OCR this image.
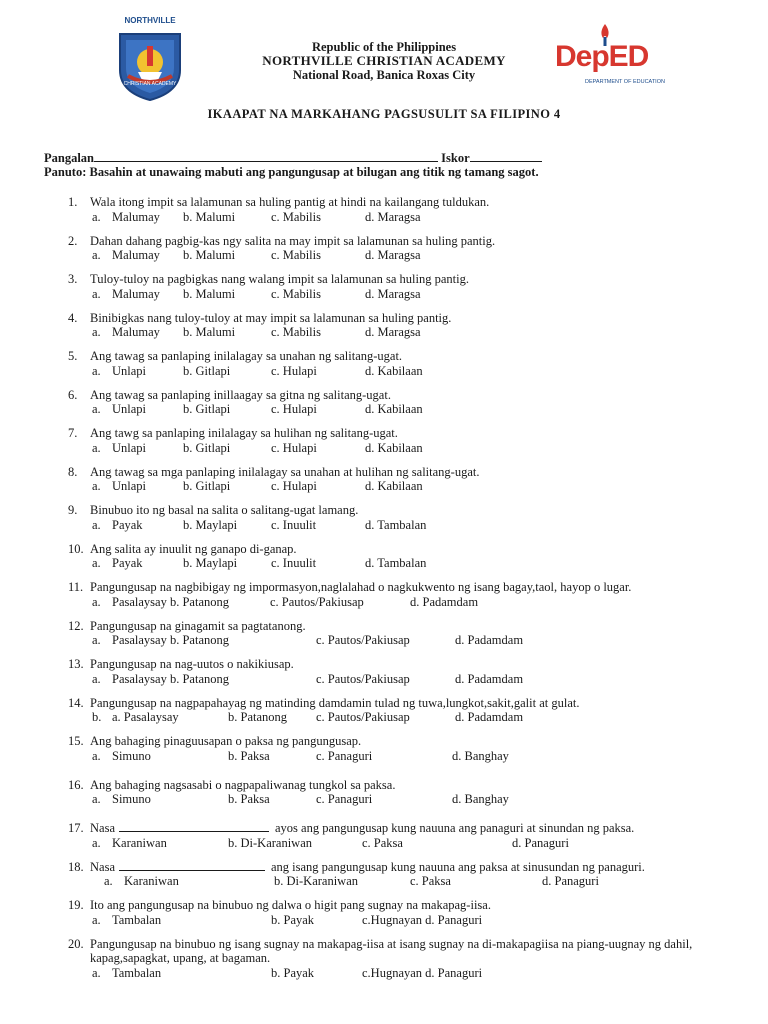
NORTHVILLE
CHRISTIAN ACADEMY
Republic of the Philippines
NORTHVILLE CHRISTIAN ACADEMY
National Road, Banica Roxas City
DepED
DEPARTMENT OF EDUCATION
IKAAPAT NA MARKAHANG PAGSUSULIT SA FILIPINO 4
Pangalan	Iskor
Panuto: Basahin at unawaing mabuti ang pangungusap at bilugan ang titik ng tamang sagot.
1. Wala itong impit sa lalamunan sa huling pantig at hindi na kailangang tuldukan.
a. Malumay b. Malumi	c. Mabilis	d. Maragsa
2. Dahan dahang pagbig-kas ngy salita na may impit sa lalamunan sa huling pantig.
a. Malumay b. Malumi	c. Mabilis	d. Maragsa
3. Tuloy-tuloy na pagbigkas nang walang impit sa lalamunan sa huling pantig.
a. Malumay b. Malumi	c. Mabilis	d. Maragsa
4. Binibigkas nang tuloy-tuloy at may impit sa lalamunan sa huling pantig.
a. Malumay b. Malumi	c. Mabilis	d. Maragsa
5. Ang tawag sa panlaping inilalagay sa unahan ng salitang-ugat.
a. Unlapi	b. Gitlapi	c. Hulapi	d. Kabilaan
6. Ang tawag sa panlaping inillaagay sa gitna ng salitang-ugat.
a. Unlapi	b. Gitlapi	c. Hulapi	d. Kabilaan
7. Ang tawg sa panlaping inilalagay sa hulihan ng salitang-ugat.
a. Unlapi	b. Gitlapi	c. Hulapi	d. Kabilaan
8. Ang tawag sa mga panlaping inilalagay sa unahan at hulihan ng salitang-ugat.
a. Unlapi	b. Gitlapi	c. Hulapi	d. Kabilaan
9. Binubuo ito ng basal na salita o salitang-ugat lamang.
a. Payak	b. Maylapi	c. Inuulit	d. Tambalan
10. Ang salita ay inuulit ng ganapo di-ganap.
a. Payak	b. Maylapi	c. Inuulit	d. Tambalan
11. Pangungusap na nagbibigay ng impormasyon,naglalahad o nagkukwento ng isang bagay,taol, hayop o lugar.
a. Pasalaysay b. Patanong	c. Pautos/Pakiusap	d. Padamdam
12. Pangungusap na ginagamit sa pagtatanong.
a. Pasalaysay b. Patanong	c. Pautos/Pakiusap	d. Padamdam
13. Pangungusap na nag-uutos o nakikiusap.
a. Pasalaysay b. Patanong	c. Pautos/Pakiusap	d. Padamdam
14. Pangungusap na nagpapahayag ng matinding damdamin tulad ng tuwa,lungkot,sakit,galit at gulat.
b. a. Pasalaysay	b. Patanong c. Pautos/Pakiusap	d. Padamdam
15. Ang bahaging pinaguusapan o paksa ng pangungusap.
a. Simuno	b. Paksa	c. Panaguri	d. Banghay
16. Ang bahaging nagsasabi o nagpapaliwanag tungkol sa paksa.
a. Simuno	b. Paksa	c. Panaguri	d. Banghay
17. Nasa	ayos ang pangungusap kung nauuna ang panaguri at sinundan ng paksa.
a. Karaniwan	b. Di-Karaniwan	c. Paksa	d. Panaguri
18. Nasa	ang isang pangungusap kung nauuna ang paksa at sinusundan ng panaguri.
a. Karaniwan	b. Di-Karaniwan	c. Paksa	d. Panaguri
19. Ito ang pangungusap na binubuo ng dalwa o higit pang sugnay na makapag-iisa.
a. Tambalan	b. Payak	c.Hugnayan d. Panaguri
20. Pangungusap na binubuo ng isang sugnay na makapag-iisa at isang sugnay na di-makapagiisa na piang-uugnay ng dahil, kapag,sapagkat, upang, at bagaman.
a. Tambalan	b. Payak	c.Hugnayan d. Panaguri
